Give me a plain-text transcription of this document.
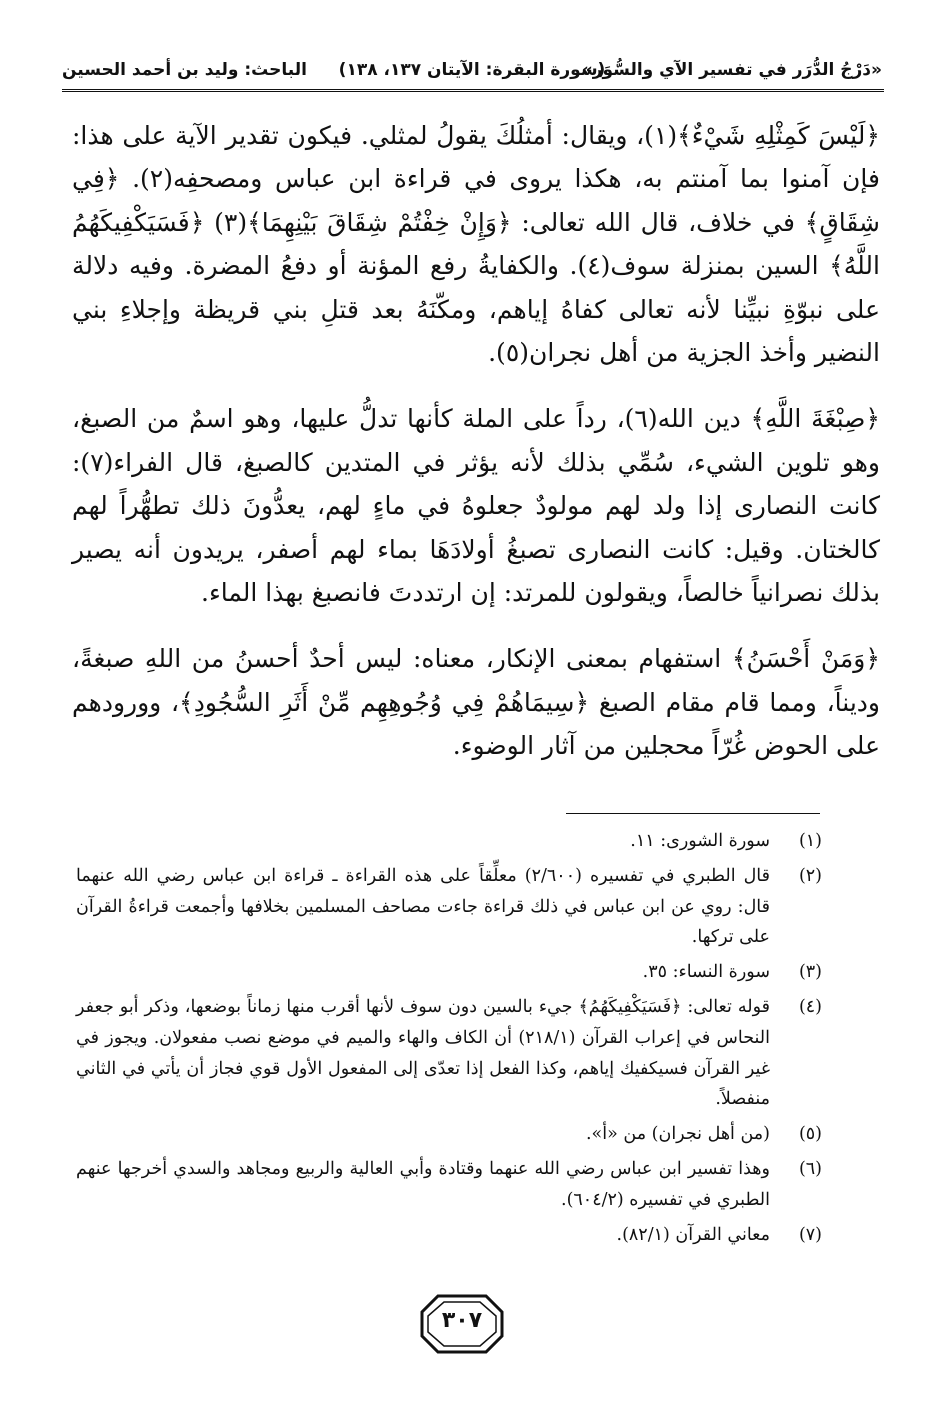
«دَرْجُ الدُّرَر في تفسير الآي والسُّوَر»
(سورة البقرة: الآيتان ١٣٧، ١٣٨)
الباحث: وليد بن أحمد الحسين

﴿لَيْسَ كَمِثْلِهِ شَيْءٌ﴾(١)، ويقال: أمثلُكَ يقولُ لمثلي. فيكون تقدير الآية على هذا: فإن آمنوا بما آمنتم به، هكذا يروى في قراءة ابن عباس ومصحفِه(٢). ﴿فِي شِقَاقٍ﴾ في خلاف، قال الله تعالى: ﴿وَإِنْ خِفْتُمْ شِقَاقَ بَيْنِهِمَا﴾(٣) ﴿فَسَيَكْفِيكَهُمُ اللَّهُ﴾ السين بمنزلة سوف(٤). والكفايةُ رفع المؤنة أو دفعُ المضرة. وفيه دلالة على نبوّةِ نبيِّنا لأنه تعالى كفاهُ إياهم، ومكّنَهُ بعد قتلِ بني قريظة وإجلاءِ بني النضير وأخذ الجزية من أهل نجران(٥).

﴿صِبْغَةَ اللَّهِ﴾ دين الله(٦)، رداً على الملة كأنها تدلُّ عليها، وهو اسمٌ من الصبغ، وهو تلوين الشيء، سُمِّي بذلك لأنه يؤثر في المتدين كالصبغ، قال الفراء(٧): كانت النصارى إذا ولد لهم مولودٌ جعلوهُ في ماءٍ لهم، يعدُّونَ ذلك تطهُّراً لهم كالختان. وقيل: كانت النصارى تصبغُ أولادَهَا بماء لهم أصفر، يريدون أنه يصير بذلك نصرانياً خالصاً، ويقولون للمرتد: إن ارتددتَ فانصبغ بهذا الماء.

﴿وَمَنْ أَحْسَنُ﴾ استفهام بمعنى الإنكار، معناه: ليس أحدٌ أحسنُ من اللهِ صبغةً، وديناً، ومما قام مقام الصبغ ﴿سِيمَاهُمْ فِي وُجُوهِهِم مِّنْ أَثَرِ السُّجُودِ﴾، وورودهم على الحوض غُرّاً محجلين من آثار الوضوء.

(١)
سورة الشورى: ١١.
(٢)
قال الطبري في تفسيره (٢/٦٠٠) معلِّقاً على هذه القراءة ـ قراءة ابن عباس رضي الله عنهما قال: روي عن ابن عباس في ذلك قراءة جاءت مصاحف المسلمين بخلافها وأجمعت قراءةُ القرآن على تركها.
(٣)
سورة النساء: ٣٥.
(٤)
قوله تعالى: ﴿فَسَيَكْفِيكَهُمُ﴾ جيء بالسين دون سوف لأنها أقرب منها زماناً بوضعها، وذكر أبو جعفر النحاس في إعراب القرآن (٢١٨/١) أن الكاف والهاء والميم في موضع نصب مفعولان. ويجوز في غير القرآن فسيكفيك إياهم، وكذا الفعل إذا تعدّى إلى المفعول الأول قوي فجاز أن يأتي في الثاني منفصلاً.
(٥)
(من أهل نجران) من «أ».
(٦)
وهذا تفسير ابن عباس رضي الله عنهما وقتادة وأبي العالية والربيع ومجاهد والسدي أخرجها عنهم الطبري في تفسيره (٦٠٤/٢).
(٧)
معاني القرآن (٨٢/١).
٣٠٧
